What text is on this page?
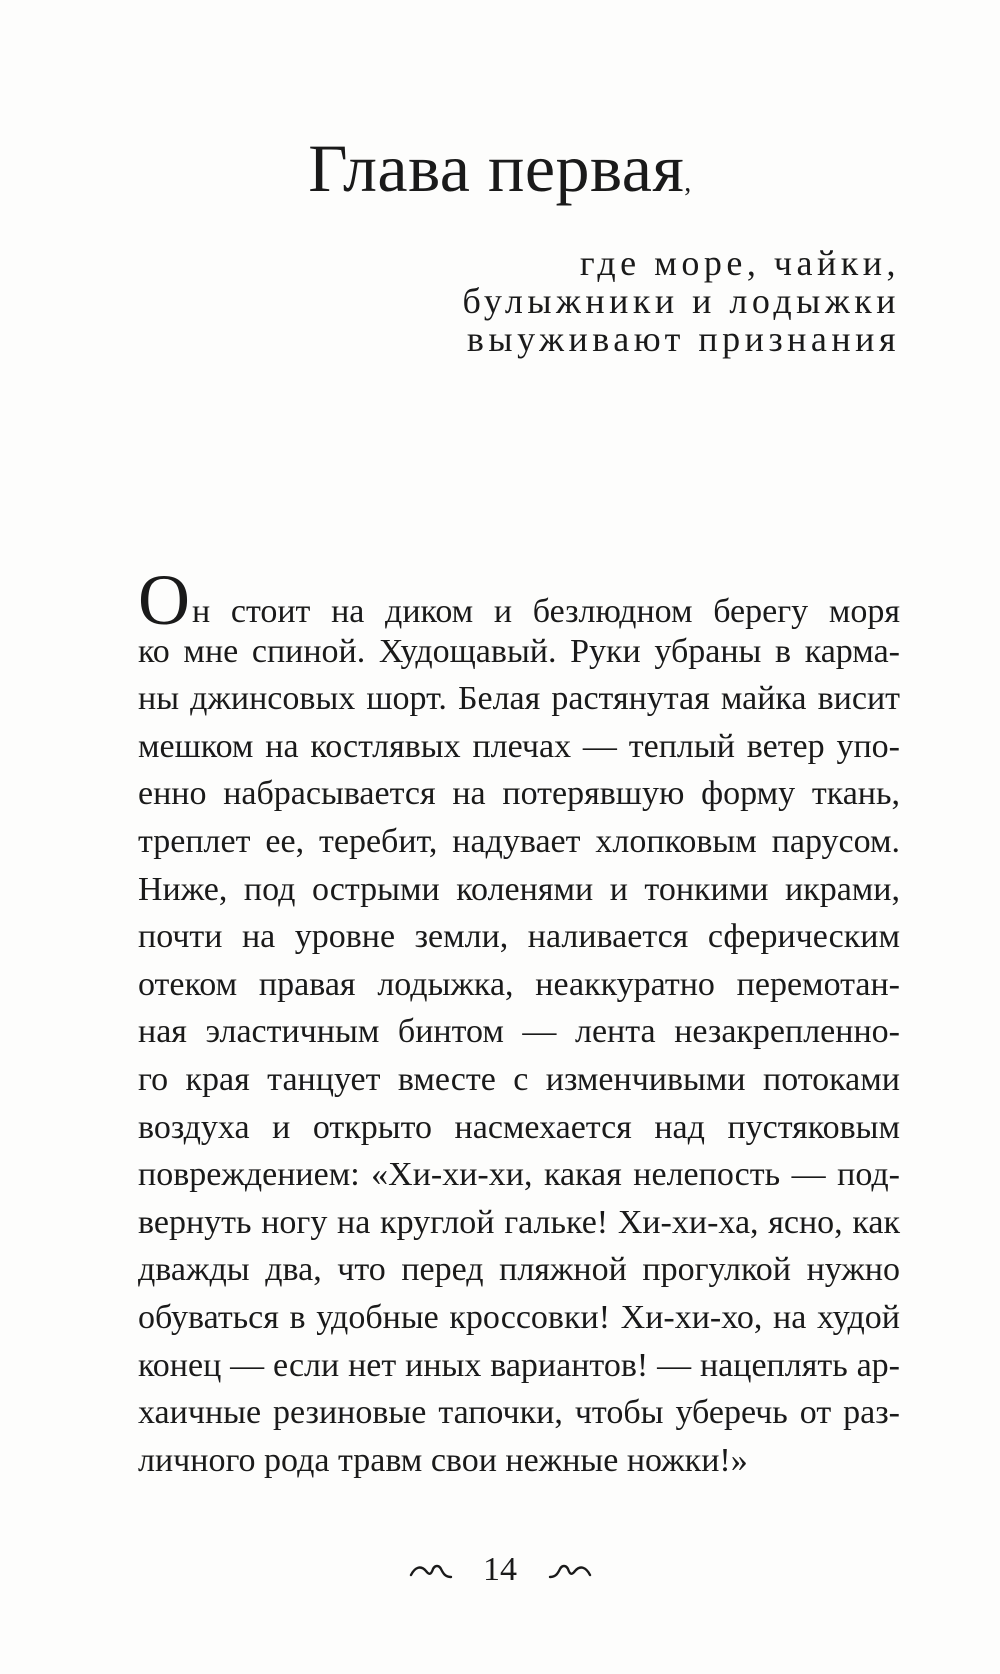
Глава первая,
где море, чайки,
булыжники и лодыжки
выуживают признания
Он стоит на диком и безлюдном берегу моря
ко мне спиной. Худощавый. Руки убраны в карма-
ны джинсовых шорт. Белая растянутая майка висит
мешком на костлявых плечах — теплый ветер упо-
енно набрасывается на потерявшую форму ткань,
треплет ее, теребит, надувает хлопковым парусом.
Ниже, под острыми коленями и тонкими икрами,
почти на уровне земли, наливается сферическим
отеком правая лодыжка, неаккуратно перемотан-
ная эластичным бинтом — лента незакрепленно-
го края танцует вместе с изменчивыми потоками
воздуха и открыто насмехается над пустяковым
повреждением: «Хи-хи-хи, какая нелепость — под-
вернуть ногу на круглой гальке! Хи-хи-ха, ясно, как
дважды два, что перед пляжной прогулкой нужно
обуваться в удобные кроссовки! Хи-хи-хо, на худой
конец — если нет иных вариантов! — нацеплять ар-
хаичные резиновые тапочки, чтобы уберечь от раз-
личного рода травм свои нежные ножки!»
14
